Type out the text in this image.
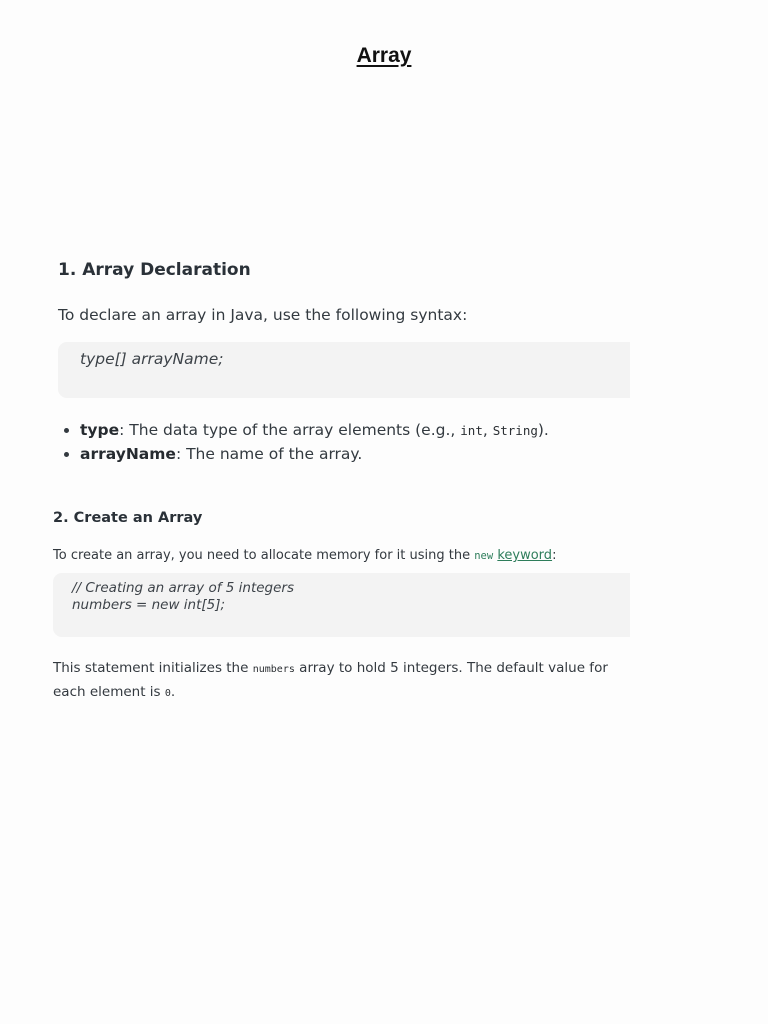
Array
1. Array Declaration

To declare an array in Java, use the following syntax:

type[] arrayName;
• type: The data type of the array elements (e.g., int, String).
• arrayName: The name of the array.
2. Create an Array

To create an array, you need to allocate memory for it using the new keyword:

// Creating an array of 5 integers
numbers = new int[5];

This statement initializes the numbers array to hold 5 integers. The default value for each element is 0.
